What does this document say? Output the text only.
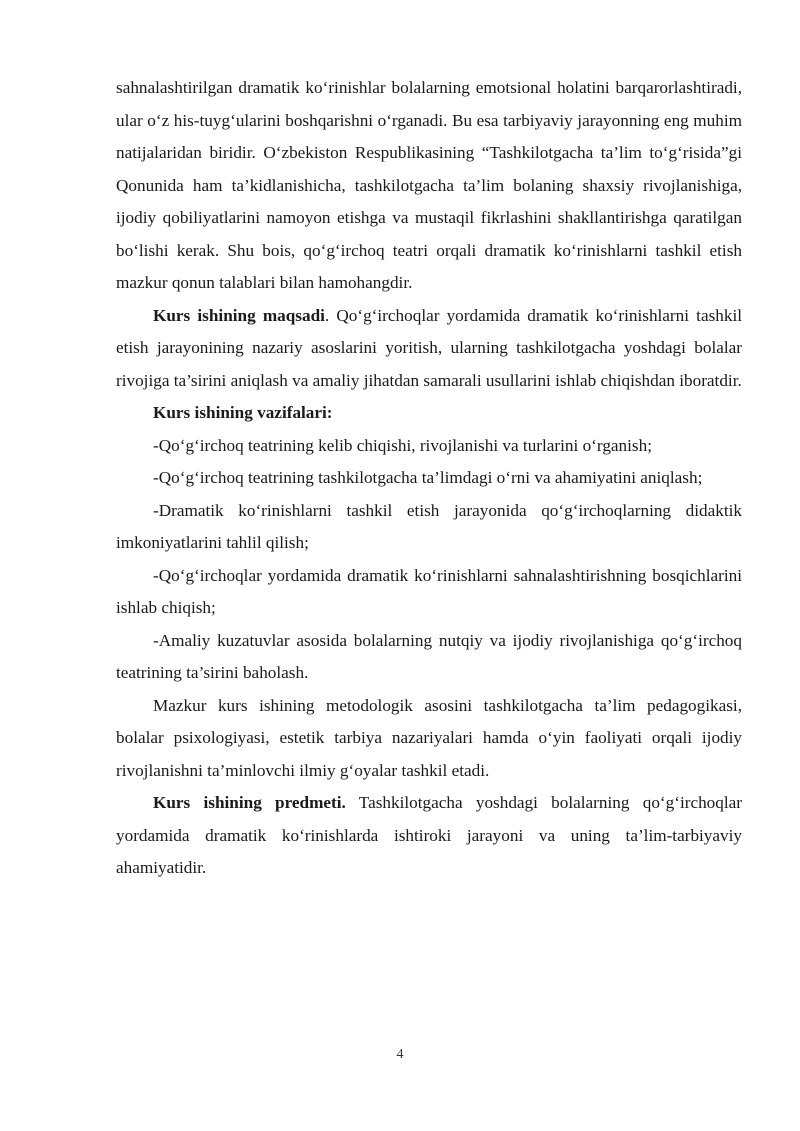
sahnalashtirilgan dramatik ko‘rinishlar bolalarning emotsional holatini barqarorlashtiradi, ular o‘z his-tuyg‘ularini boshqarishni o‘rganadi. Bu esa tarbiyaviy jarayonning eng muhim natijalaridan biridir. O‘zbekiston Respublikasining “Tashkilotgacha ta’lim to‘g‘risida”gi Qonunida ham ta’kidlanishicha, tashkilotgacha ta’lim bolaning shaxsiy rivojlanishiga, ijodiy qobiliyatlarini namoyon etishga va mustaqil fikrlashini shakllantirishga qaratilgan bo‘lishi kerak. Shu bois, qo‘g‘irchoq teatri orqali dramatik ko‘rinishlarni tashkil etish mazkur qonun talablari bilan hamohangdir.

Kurs ishining maqsadi. Qo‘g‘irchoqlar yordamida dramatik ko‘rinishlarni tashkil etish jarayonining nazariy asoslarini yoritish, ularning tashkilotgacha yoshdagi bolalar rivojiga ta’sirini aniqlash va amaliy jihatdan samarali usullarini ishlab chiqishdan iboratdir.

Kurs ishining vazifalari:

-Qo‘g‘irchoq teatrining kelib chiqishi, rivojlanishi va turlarini o‘rganish;

-Qo‘g‘irchoq teatrining tashkilotgacha ta’limdagi o‘rni va ahamiyatini aniqlash;

-Dramatik ko‘rinishlarni tashkil etish jarayonida qo‘g‘irchoqlarning didaktik imkoniyatlarini tahlil qilish;

-Qo‘g‘irchoqlar yordamida dramatik ko‘rinishlarni sahnalashtirishning bosqichlarini ishlab chiqish;

-Amaliy kuzatuvlar asosida bolalarning nutqiy va ijodiy rivojlanishiga qo‘g‘irchoq teatrining ta’sirini baholash.

Mazkur kurs ishining metodologik asosini tashkilotgacha ta’lim pedagogikasi, bolalar psixologiyasi, estetik tarbiya nazariyalari hamda o‘yin faoliyati orqali ijodiy rivojlanishni ta’minlovchi ilmiy g‘oyalar tashkil etadi.

Kurs ishining predmeti. Tashkilotgacha yoshdagi bolalarning qo‘g‘irchoqlar yordamida dramatik ko‘rinishlarda ishtiroki jarayoni va uning ta’lim-tarbiyaviy ahamiyatidir.

4
